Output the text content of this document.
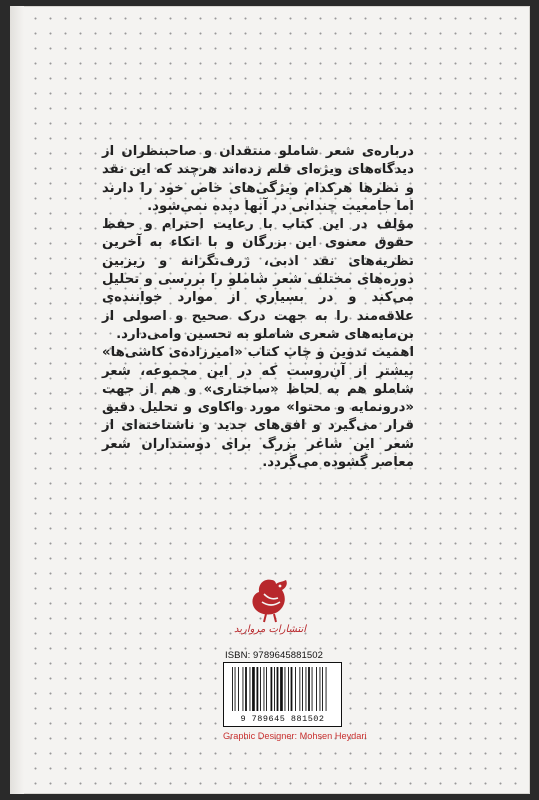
درباره‌ی شعر شاملو منتقدان و صاحبنظران از دیدگاه‌های ویژه‌ای قلم زده‌اند هرچند که این نقد و نظرها هرکدام ویژگی‌های خاص خود را دارند اما جامعیت چندانی در آنها دیده نمی‌شود.

مؤلف در این کتاب با رعایت احترام و حفظ حقوق معنوی این بزرگان و با اتکاء به آخرین نظریه‌های نقد ادبی، ژرف‌نگرانه و ریزبین دوره‌های مختلف شعر شاملو را بررسی و تحلیل می‌کند و در بسیاری از موارد خواننده‌ی علاقه‌مند را به جهت درک صحیح و اصولی از بن‌مایه‌های شعری شاملو به تحسین وامی‌دارد.

اهمیت تدوین و چاپ کتاب «امیرزاده‌ی کاشی‌ها» بیشتر از آن‌روست که در این مجموعه، شعر شاملو هم به لحاظ «ساختاری» و هم از جهت «درونمایه و محتوا» مورد واکاوی و تحلیل دقیق قرار می‌گیرد و افق‌های جدید و ناشناخته‌ای از شعر این شاعر بزرگ برای دوستداران شعر معاصر گشوده می‌گردد.

انتشارات مروارید
ISBN: 9789645881502
9 789645 881502
Graphic Designer: Mohsen Heydari
